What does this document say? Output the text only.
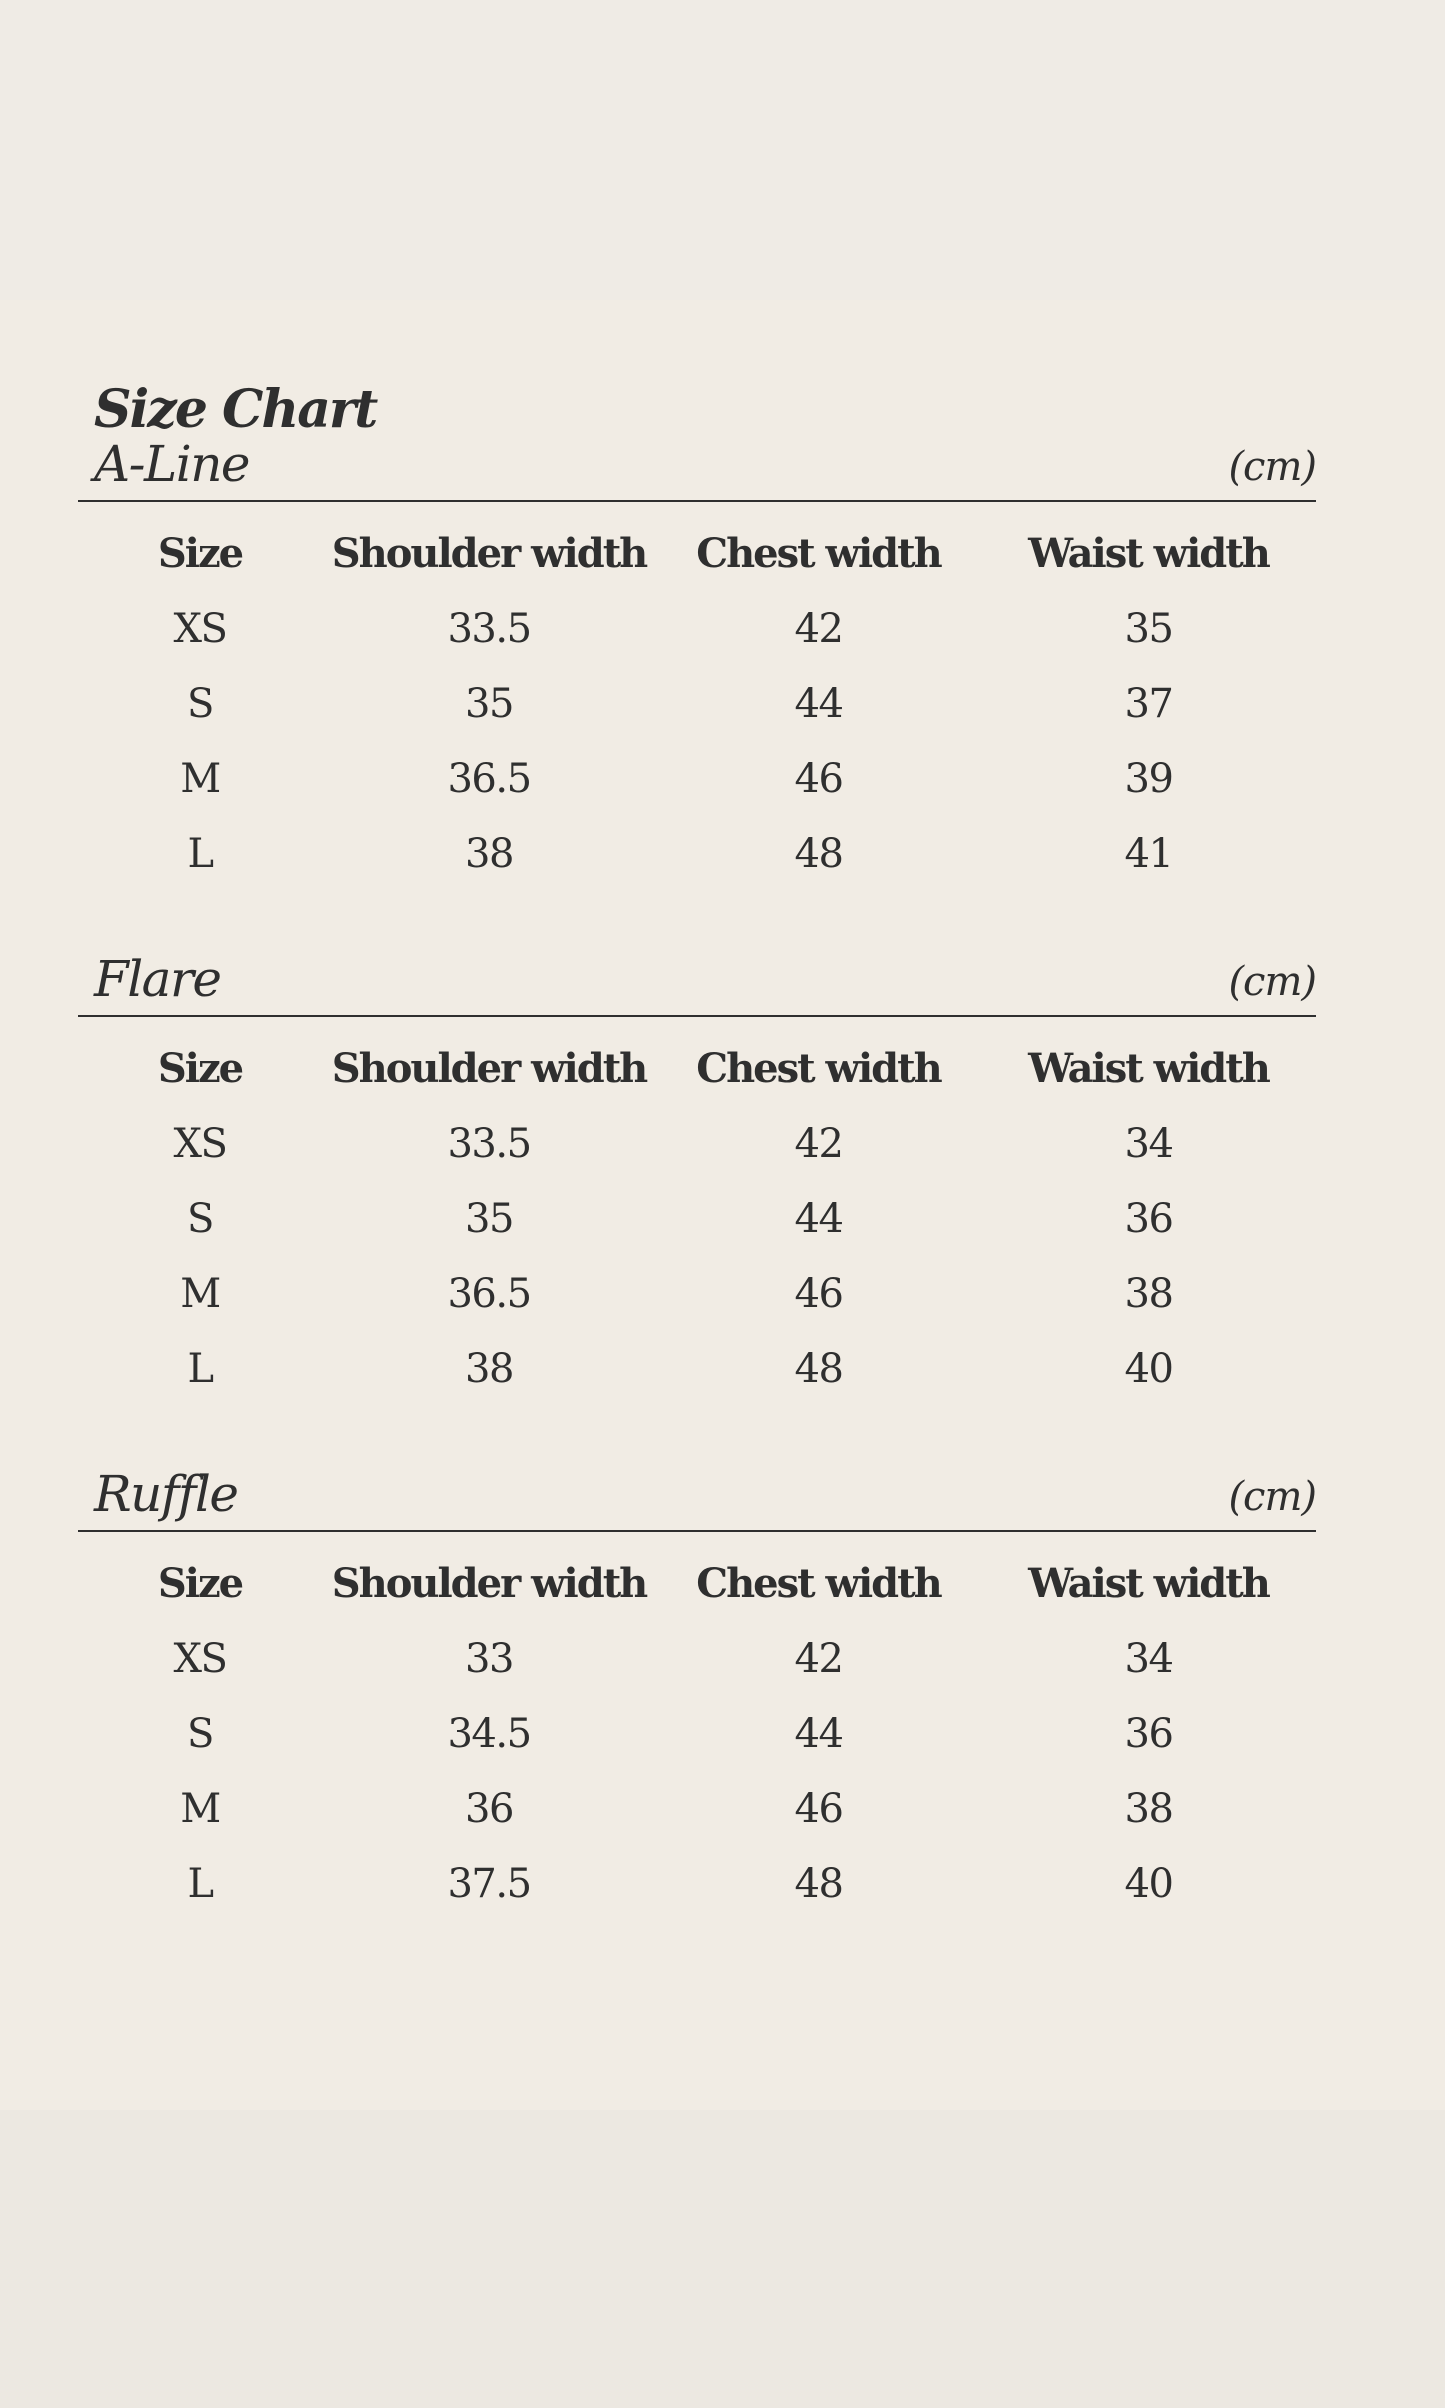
Size Chart
A-Line	(cm)
Size	Shoulder width	Chest width	Waist width
XS	33.5	42	35
S	35	44	37
M	36.5	46	39
L	38	48	41
Flare	(cm)
Size	Shoulder width	Chest width	Waist width
XS	33.5	42	34
S	35	44	36
M	36.5	46	38
L	38	48	40
Ruffle	(cm)
Size	Shoulder width	Chest width	Waist width
XS	33	42	34
S	34.5	44	36
M	36	46	38
L	37.5	48	40
